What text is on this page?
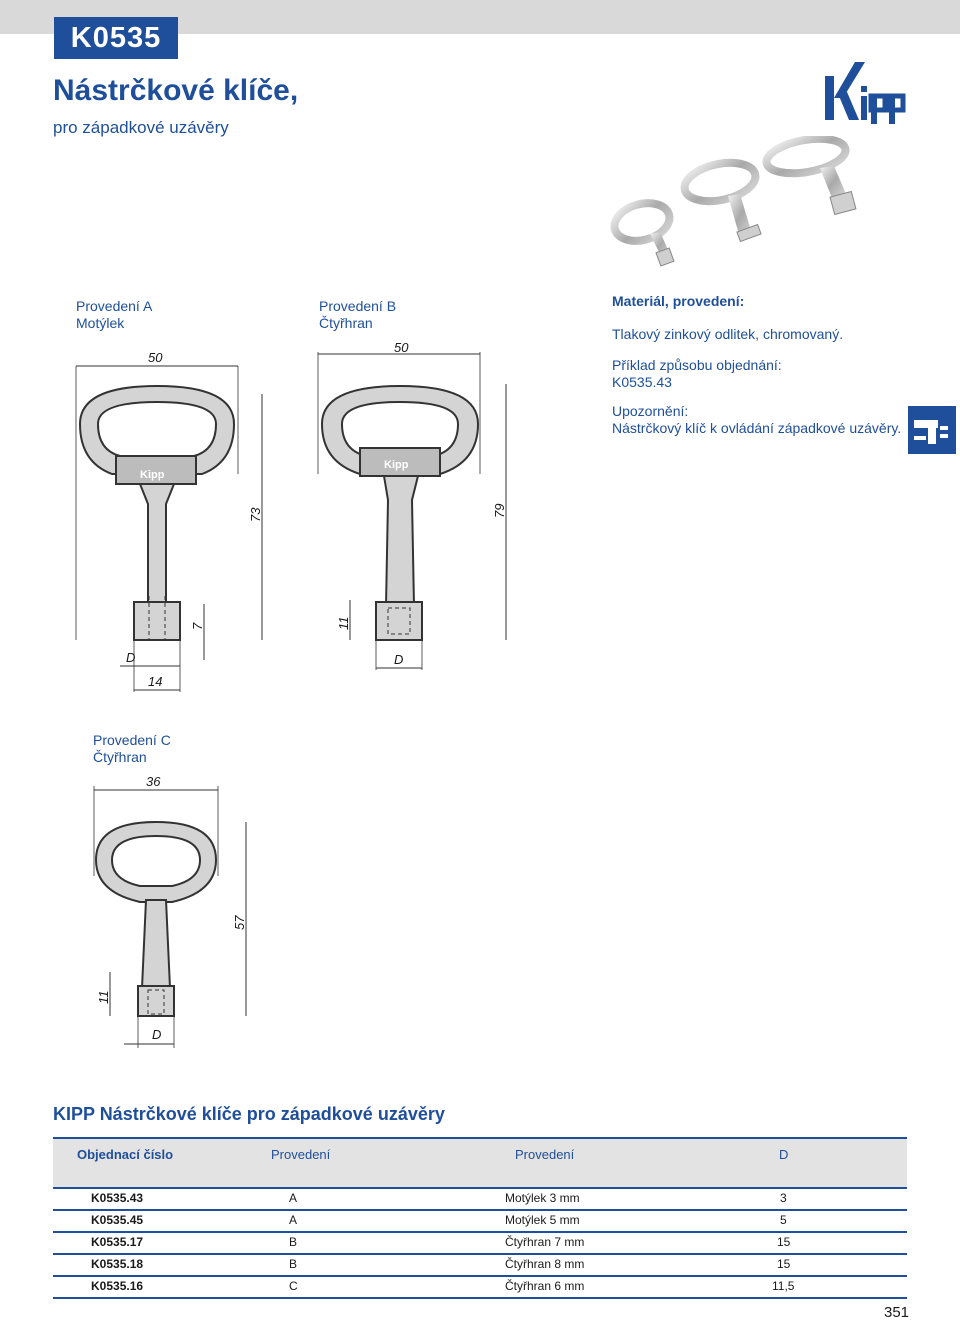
K0535
Nástrčkové klíče,
pro západkové uzávěry
Provedení A
Motýlek
Provedení B
Čtyřhran
Provedení C
Čtyřhran
Materiál, provedení:
Tlakový zinkový odlitek, chromovaný.
Příklad způsobu objednání:
K0535.43
Upozornění:
Nástrčkový klíč k ovládání západkové uzávěry.
Kipp
50
73
7
D
14
Kipp
50
79
11
D
36
57
11
D
KIPP Nástrčkové klíče pro západkové uzávěry
Objednací číslo	Provedení	Provedení	D
K0535.43	A	Motýlek 3 mm	3
K0535.45	A	Motýlek 5 mm	5
K0535.17	B	Čtyřhran 7 mm	15
K0535.18	B	Čtyřhran 8 mm	15
K0535.16	C	Čtyřhran 6 mm	11,5
351
